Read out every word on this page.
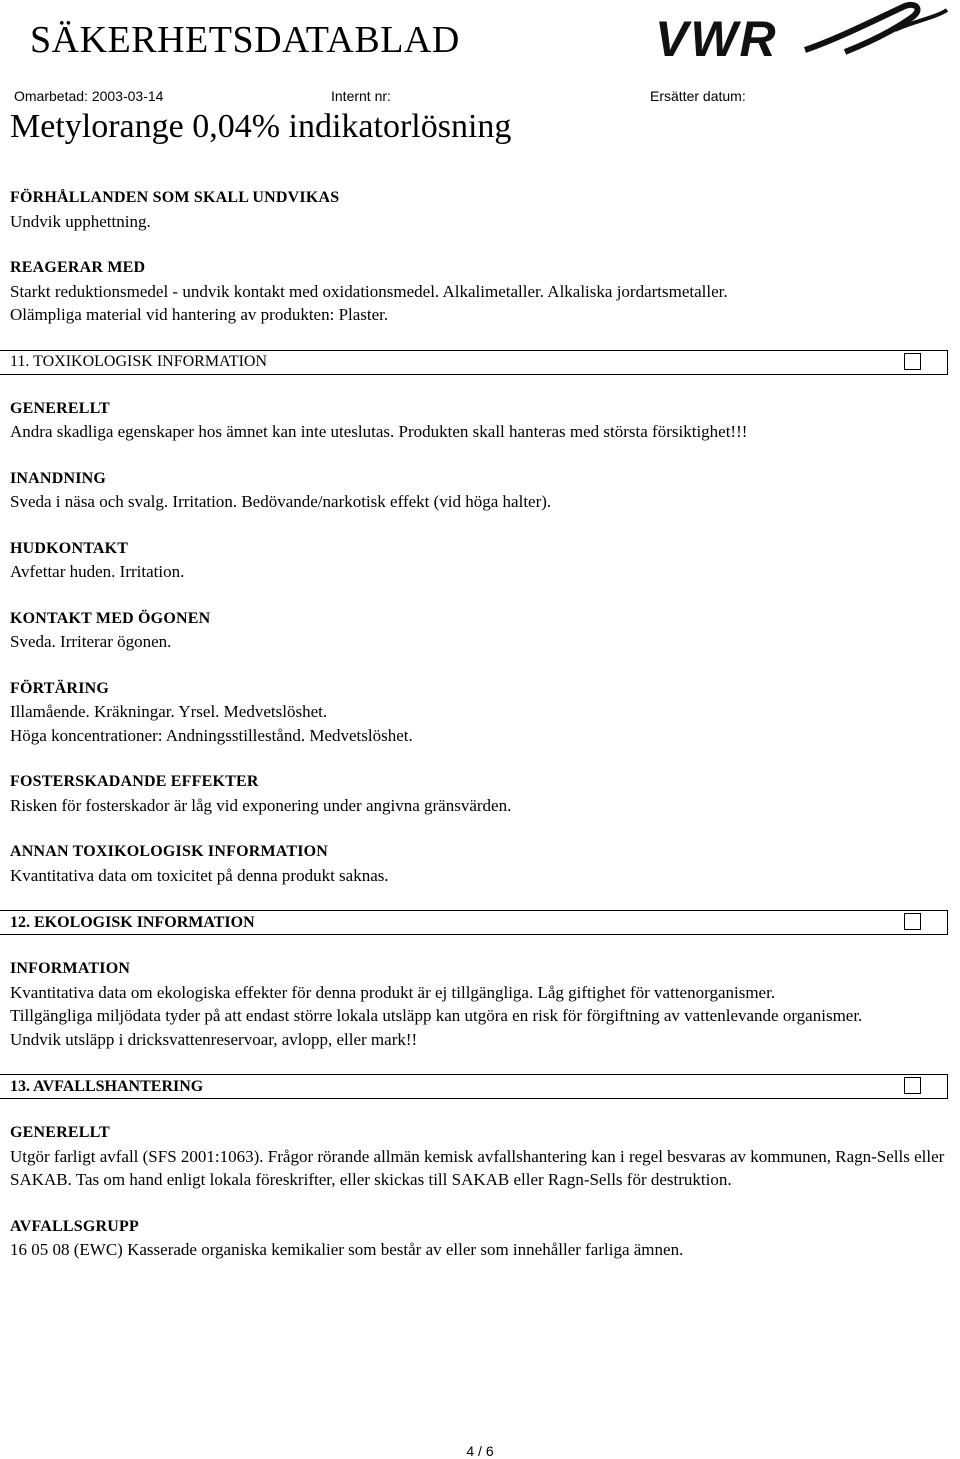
SÄKERHETSDATABLAD	VWR
Omarbetad: 2003-03-14	Internt nr:	Ersätter datum:
Metylorange 0,04% indikatorlösning

FÖRHÅLLANDEN SOM SKALL UNDVIKAS

Undvik upphettning.

REAGERAR MED

Starkt reduktionsmedel - undvik kontakt med oxidationsmedel. Alkalimetaller. Alkaliska jordartsmetaller.

Olämpliga material vid hantering av produkten: Plaster.

11. TOXIKOLOGISK INFORMATION

GENERELLT

Andra skadliga egenskaper hos ämnet kan inte uteslutas. Produkten skall hanteras med största försiktighet!!!

INANDNING

Sveda i näsa och svalg. Irritation. Bedövande/narkotisk effekt (vid höga halter).

HUDKONTAKT

Avfettar huden. Irritation.

KONTAKT MED ÖGONEN

Sveda. Irriterar ögonen.

FÖRTÄRING

Illamående. Kräkningar. Yrsel. Medvetslöshet.

Höga koncentrationer: Andningsstillestånd. Medvetslöshet.

FOSTERSKADANDE EFFEKTER

Risken för fosterskador är låg vid exponering under angivna gränsvärden.

ANNAN TOXIKOLOGISK INFORMATION

Kvantitativa data om toxicitet på denna produkt saknas.

12. EKOLOGISK INFORMATION

INFORMATION

Kvantitativa data om ekologiska effekter för denna produkt är ej tillgängliga. Låg giftighet för vattenorganismer.

Tillgängliga miljödata tyder på att endast större lokala utsläpp kan utgöra en risk för förgiftning av vattenlevande organismer.

Undvik utsläpp i dricksvattenreservoar, avlopp, eller mark!!

13. AVFALLSHANTERING

GENERELLT

Utgör farligt avfall (SFS 2001:1063). Frågor rörande allmän kemisk avfallshantering kan i regel besvaras av kommunen, Ragn-Sells eller SAKAB. Tas om hand enligt lokala föreskrifter, eller skickas till SAKAB eller Ragn-Sells för destruktion.

AVFALLSGRUPP

16 05 08 (EWC) Kasserade organiska kemikalier som består av eller som innehåller farliga ämnen.

4 / 6
